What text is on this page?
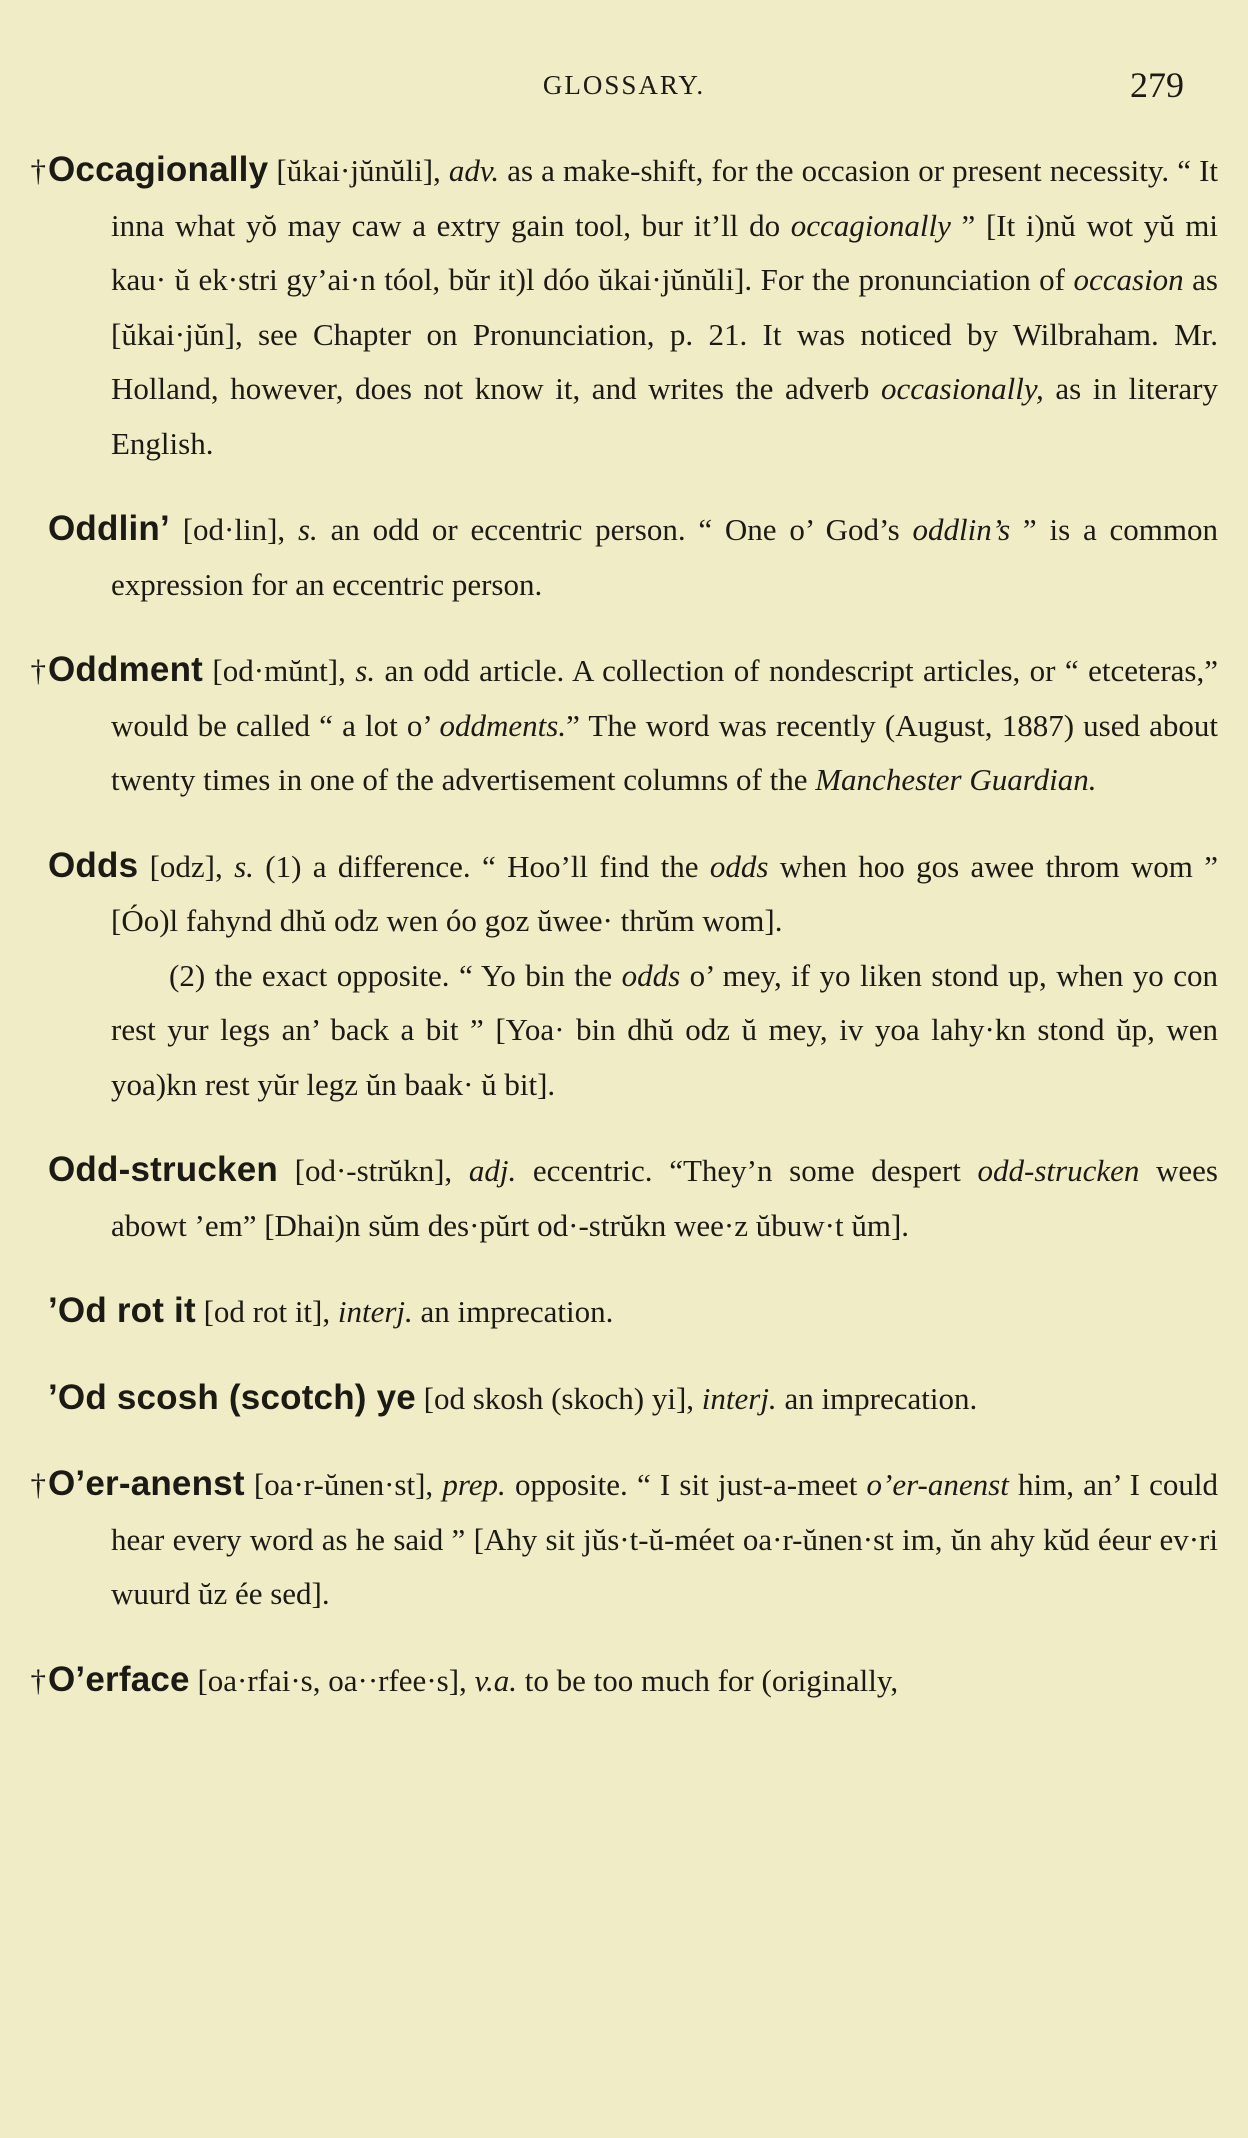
GLOSSARY.	279

†Occagionally [ŭkai·jŭnŭli], adv. as a make-shift, for the occasion or present necessity. “ It inna what yŏ may caw a extry gain tool, bur it’ll do occagionally ” [It i)nŭ wot yŭ mi kau· ŭ ek·stri gy’ai·n tóol, bŭr it)l dóo ŭkai·jŭnŭli]. For the pronunciation of occasion as [ŭkai·jŭn], see Chapter on Pronunciation, p. 21. It was noticed by Wilbraham. Mr. Holland, however, does not know it, and writes the adverb occasionally, as in literary English.

Oddlin’ [od·lin], s. an odd or eccentric person. “ One o’ God’s oddlin’s ” is a common expression for an eccentric person.

†Oddment [od·mŭnt], s. an odd article. A collection of nondescript articles, or “ etceteras,” would be called “ a lot o’ oddments.” The word was recently (August, 1887) used about twenty times in one of the advertisement columns of the Manchester Guardian.

Odds [odz], s. (1) a difference. “ Hoo’ll find the odds when hoo gos awee throm wom ” [Óo)l fahynd dhŭ odz wen óo goz ŭwee· thrŭm wom].
(2) the exact opposite. “ Yo bin the odds o’ mey, if yo liken stond up, when yo con rest yur legs an’ back a bit ” [Yoa· bin dhŭ odz ŭ mey, iv yoa lahy·kn stond ŭp, wen yoa)kn rest yŭr legz ŭn baak· ŭ bit].

Odd-strucken [od·-strŭkn], adj. eccentric. “They’n some despert odd-strucken wees abowt ’em” [Dhai)n sŭm des·pŭrt od·-strŭkn wee·z ŭbuw·t ŭm].

’Od rot it [od rot it], interj. an imprecation.

’Od scosh (scotch) ye [od skosh (skoch) yi], interj. an imprecation.

†O’er-anenst [oa·r-ŭnen·st], prep. opposite. “ I sit just-a-meet o’er-anenst him, an’ I could hear every word as he said ” [Ahy sit jŭs·t-ŭ-méet oa·r-ŭnen·st im, ŭn ahy kŭd éeur ev·ri wuurd ŭz ée sed].

†O’erface [oa·rfai·s, oa··rfee·s], v.a. to be too much for (originally,
